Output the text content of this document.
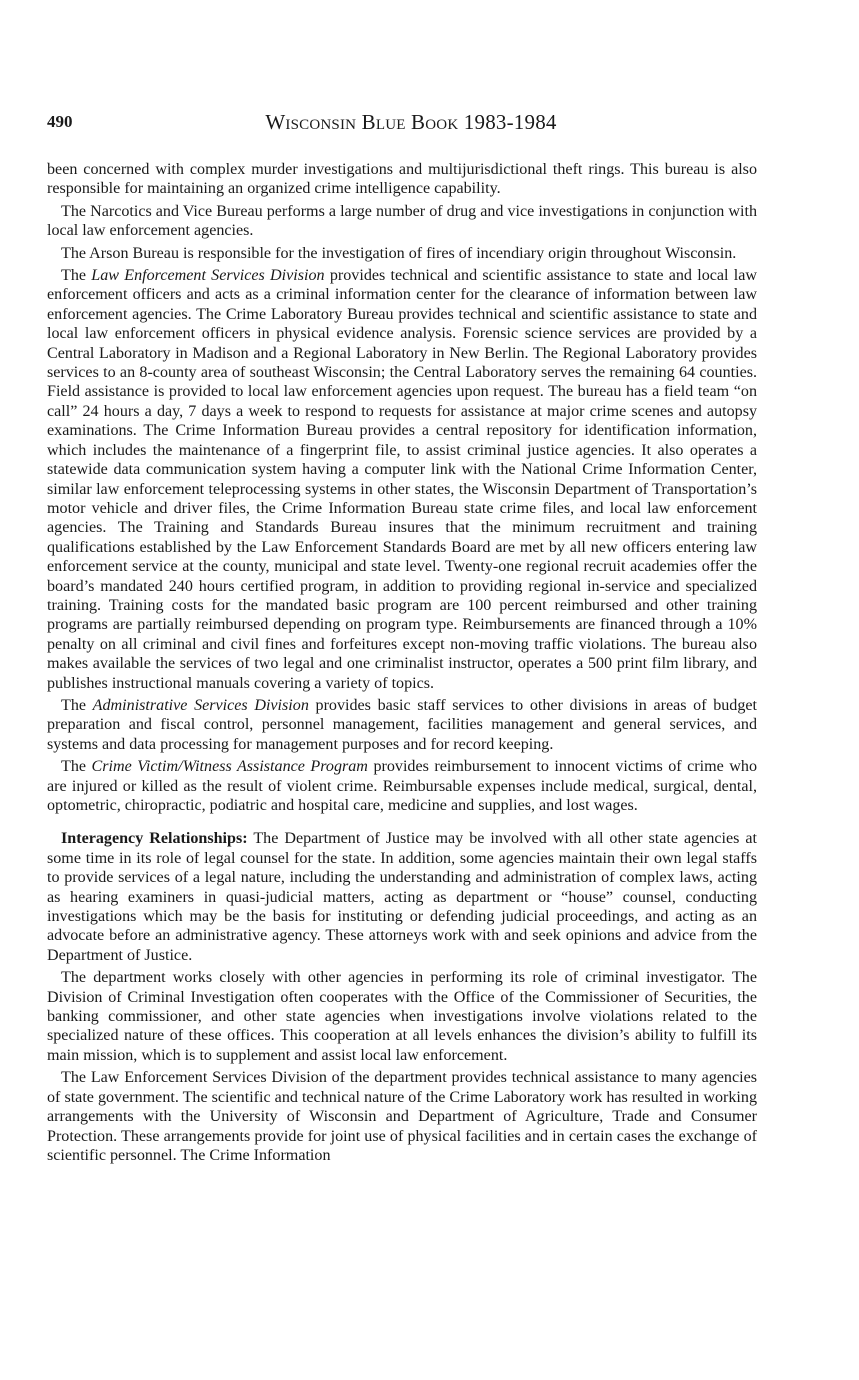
490	Wisconsin Blue Book 1983-1984

been concerned with complex murder investigations and multijurisdictional theft rings. This bureau is also responsible for maintaining an organized crime intelligence capability.

The Narcotics and Vice Bureau performs a large number of drug and vice investigations in conjunction with local law enforcement agencies.

The Arson Bureau is responsible for the investigation of fires of incendiary origin throughout Wisconsin.

The Law Enforcement Services Division provides technical and scientific assistance to state and local law enforcement officers and acts as a criminal information center for the clearance of information between law enforcement agencies. The Crime Laboratory Bureau provides technical and scientific assistance to state and local law enforcement officers in physical evidence analysis. Forensic science services are provided by a Central Laboratory in Madison and a Regional Laboratory in New Berlin. The Regional Laboratory provides services to an 8-county area of southeast Wisconsin; the Central Laboratory serves the remaining 64 counties. Field assistance is provided to local law enforcement agencies upon request. The bureau has a field team “on call” 24 hours a day, 7 days a week to respond to requests for assistance at major crime scenes and autopsy examinations. The Crime Information Bureau provides a central repository for identification information, which includes the maintenance of a fingerprint file, to assist criminal justice agencies. It also operates a statewide data communication system having a computer link with the National Crime Information Center, similar law enforcement teleprocessing systems in other states, the Wisconsin Department of Transportation’s motor vehicle and driver files, the Crime Information Bureau state crime files, and local law enforcement agencies. The Training and Standards Bureau insures that the minimum recruitment and training qualifications established by the Law Enforcement Standards Board are met by all new officers entering law enforcement service at the county, municipal and state level. Twenty-one regional recruit academies offer the board’s mandated 240 hours certified program, in addition to providing regional in-service and specialized training. Training costs for the mandated basic program are 100 percent reimbursed and other training programs are partially reimbursed depending on program type. Reimbursements are financed through a 10% penalty on all criminal and civil fines and forfeitures except non-moving traffic violations. The bureau also makes available the services of two legal and one criminalist instructor, operates a 500 print film library, and publishes instructional manuals covering a variety of topics.

The Administrative Services Division provides basic staff services to other divisions in areas of budget preparation and fiscal control, personnel management, facilities management and general services, and systems and data processing for management purposes and for record keeping.

The Crime Victim/Witness Assistance Program provides reimbursement to innocent victims of crime who are injured or killed as the result of violent crime. Reimbursable expenses include medical, surgical, dental, optometric, chiropractic, podiatric and hospital care, medicine and supplies, and lost wages.

Interagency Relationships: The Department of Justice may be involved with all other state agencies at some time in its role of legal counsel for the state. In addition, some agencies maintain their own legal staffs to provide services of a legal nature, including the understanding and administration of complex laws, acting as hearing examiners in quasi-judicial matters, acting as department or “house” counsel, conducting investigations which may be the basis for instituting or defending judicial proceedings, and acting as an advocate before an administrative agency. These attorneys work with and seek opinions and advice from the Department of Justice.

The department works closely with other agencies in performing its role of criminal investigator. The Division of Criminal Investigation often cooperates with the Office of the Commissioner of Securities, the banking commissioner, and other state agencies when investigations involve violations related to the specialized nature of these offices. This cooperation at all levels enhances the division’s ability to fulfill its main mission, which is to supplement and assist local law enforcement.

The Law Enforcement Services Division of the department provides technical assistance to many agencies of state government. The scientific and technical nature of the Crime Laboratory work has resulted in working arrangements with the University of Wisconsin and Department of Agriculture, Trade and Consumer Protection. These arrangements provide for joint use of physical facilities and in certain cases the exchange of scientific personnel. The Crime Information
